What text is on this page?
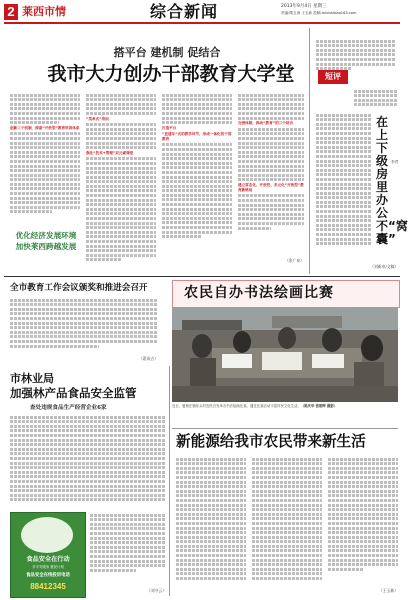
2 莱西市情	综合新闻	2013年9月4日 星期三
责编:隋玉涛 王玉新 投稿:laixishibao163.com
搭平台 建机制 促结合
我市大力创办干部教育大学堂
创新三个机制，探索“开放型”教育培训体系
优化经济发展环境
加快莱西跨越发展
“菜单式”培训
强化“技术+管理”双元素课堂
打造平台
“直通车”式的教学环节，形成一体化的干部教育
完善体制，推动“教育”的三个结合
建立常态化、开放性、多元化“开放型”教育新格局
（张广泉）
短评
在上下级房里办公不“窝囊”
李君
（刘新卓/文稿）
全市教育工作会议颁奖和推进会召开
（葛成吉）
农民自办书法绘画比赛
近日，夏格庄镇东头村农民自发举办书法绘画比赛，通过比赛活动丰富村民文化生活。（陈庆华 张朝晖 摄影）
市林业局
加强林产品食品安全监管
查处违规食品生产经营企业6家
食品安全在行动
乡平安服务 惠民计划
食品安全在线投诉电话
88412345	（刘守云）
新能源给我市农民带来新生活
（王玉新）
